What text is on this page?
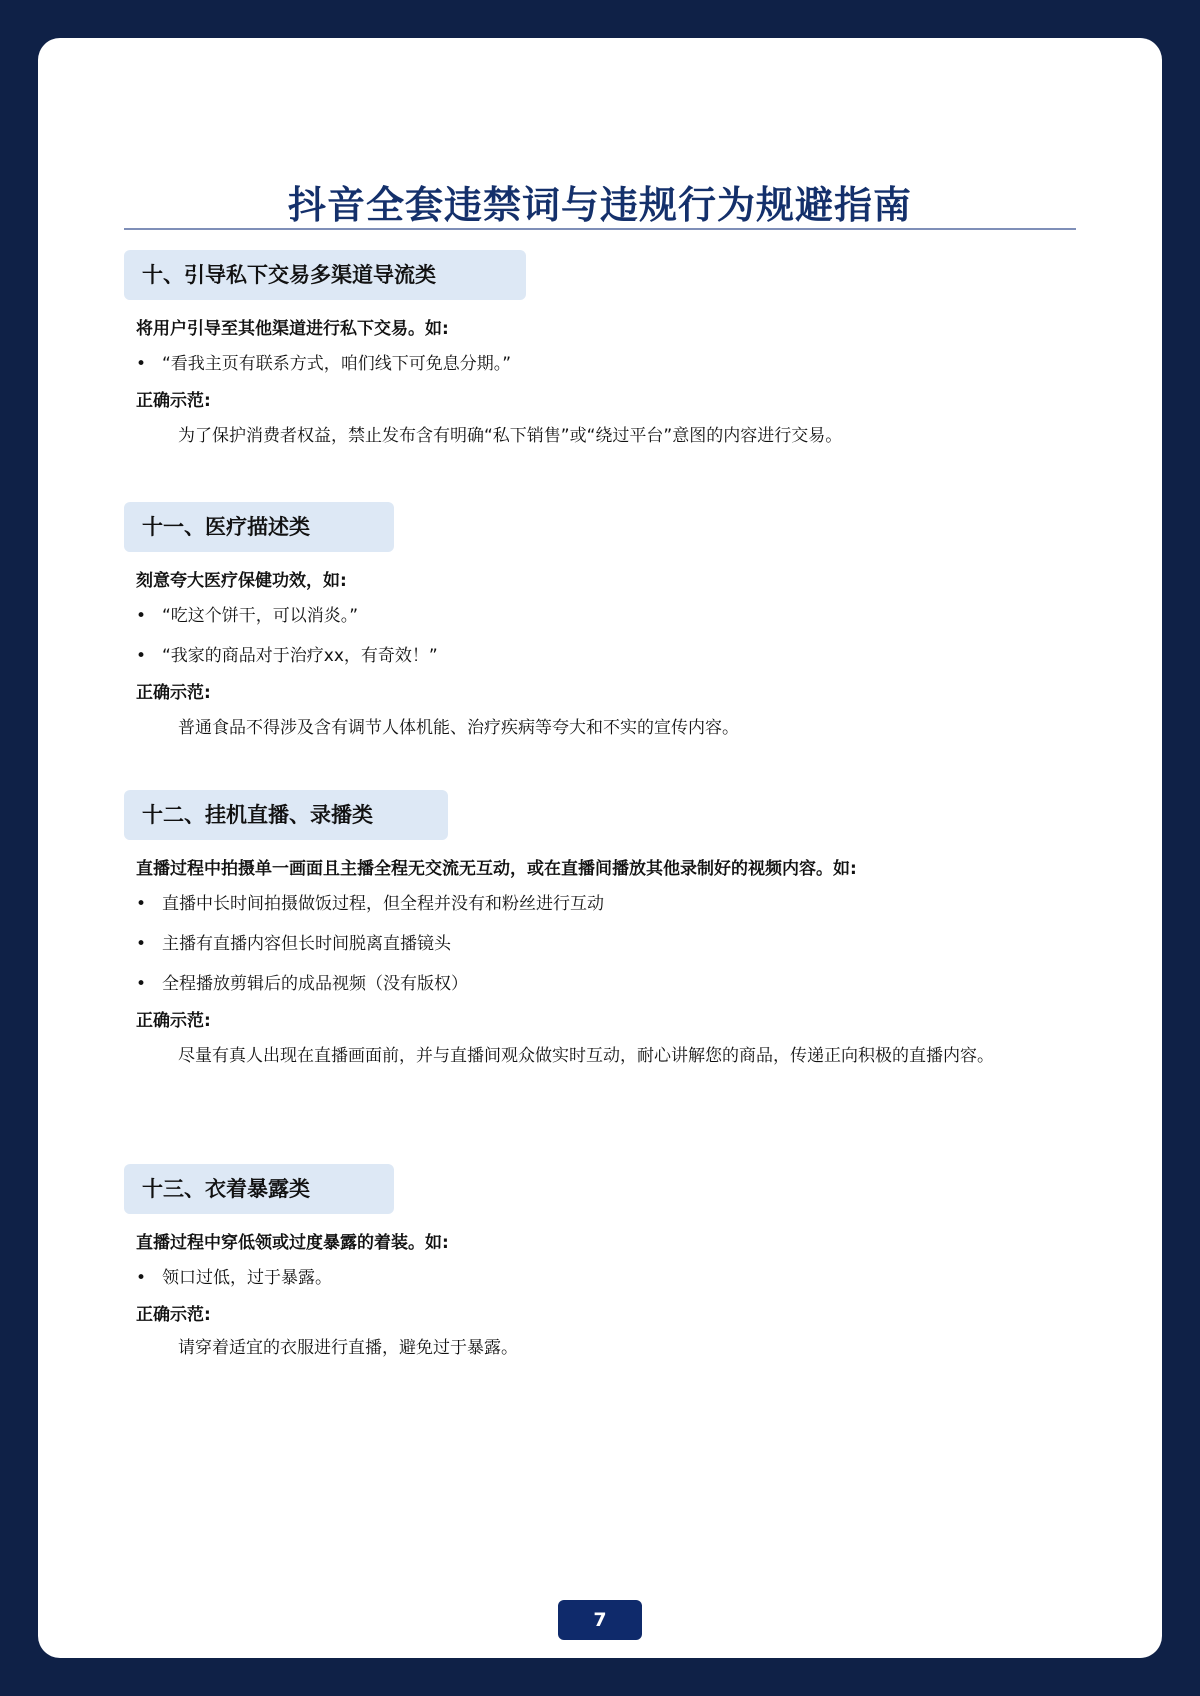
抖音全套违禁词与违规行为规避指南
十、引导私下交易多渠道导流类

将用户引导至其他渠道进行私下交易。如:

• “看我主页有联系方式，咱们线下可免息分期。”

正确示范:

为了保护消费者权益，禁止发布含有明确“私下销售”或“绕过平台”意图的内容进行交易。

十一、医疗描述类

刻意夸大医疗保健功效，如:

• “吃这个饼干，可以消炎。”
• “我家的商品对于治疗xx，有奇效！”

正确示范:

普通食品不得涉及含有调节人体机能、治疗疾病等夸大和不实的宣传内容。

十二、挂机直播、录播类

直播过程中拍摄单一画面且主播全程无交流无互动，或在直播间播放其他录制好的视频内容。如:

• 直播中长时间拍摄做饭过程，但全程并没有和粉丝进行互动
• 主播有直播内容但长时间脱离直播镜头
• 全程播放剪辑后的成品视频（没有版权）

正确示范:

尽量有真人出现在直播画面前，并与直播间观众做实时互动，耐心讲解您的商品，传递正向积极的直播内容。

十三、衣着暴露类

直播过程中穿低领或过度暴露的着装。如:

• 领口过低，过于暴露。

正确示范:

请穿着适宜的衣服进行直播，避免过于暴露。

7
